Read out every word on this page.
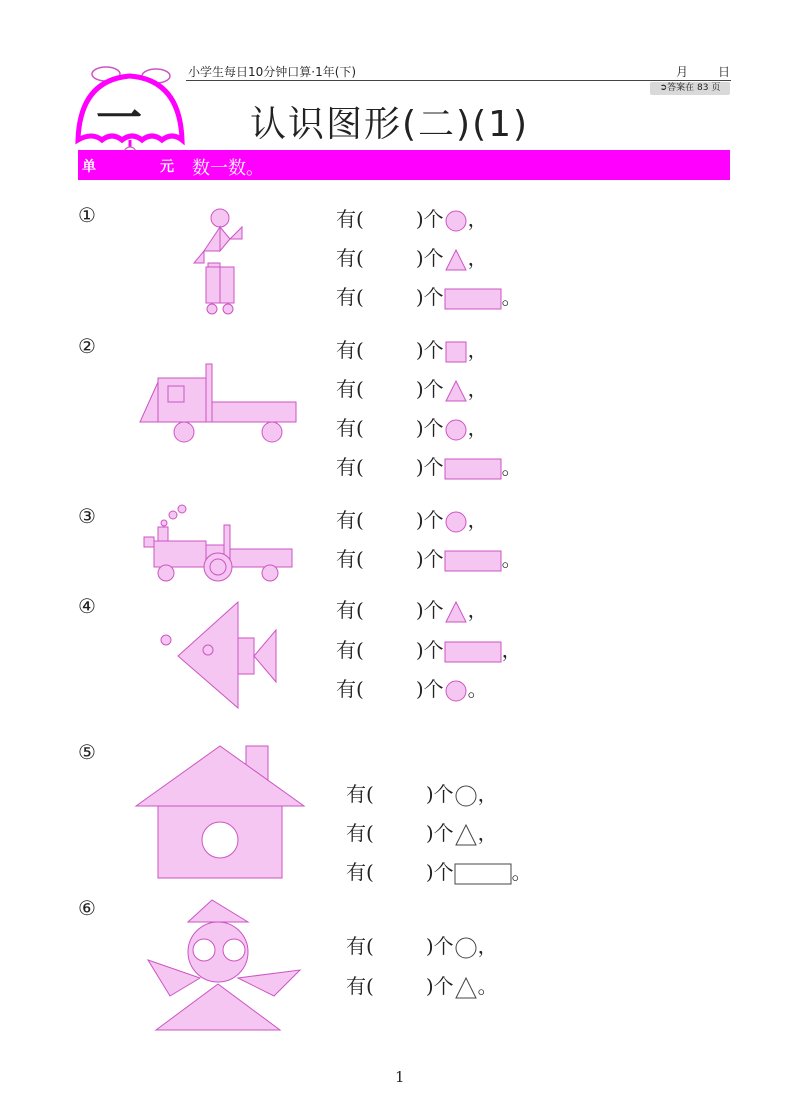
小学生每日10分钟口算·1年(下)	月 日
➲答案在 83 页
一	认识图形(二)(1)
单	元 数一数。
①
②
③
④
⑤
⑥
有(	)个 ，
有(	)个 ，
有(	)个	。
有(	)个 ，
有(	)个 ，
有(	)个 ，
有(	)个	。
有(	)个 ，
有(	)个	。
有(	)个 ，
有(	)个	，
有(	)个 。
有(	)个 ，
有(	)个 ，
有(	)个	。
有(	)个 ，
有(	)个 。
1
